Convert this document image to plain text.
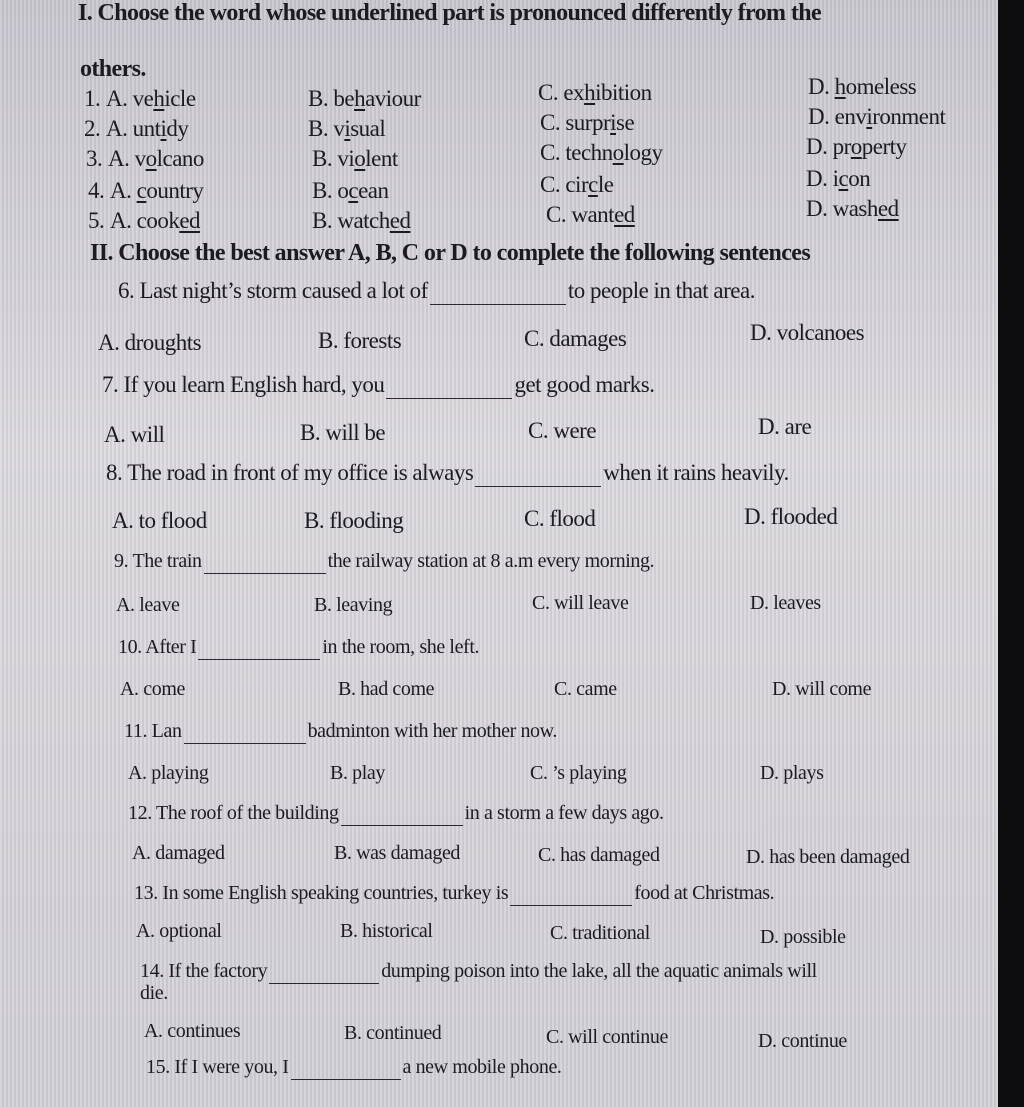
I. Choose the word whose underlined part is pronounced differently from the
others.
1. A. vehicle	B. behaviour	C. exhibition	D. homeless
2. A. untidy	B. visual	C. surprise	D. environment
3. A. volcano	B. violent	C. technology	D. property
4. A. country	B. ocean	C. circle	D. icon
5. A. cooked	B. watched	C. wanted	D. washed
II. Choose the best answer A, B, C or D to complete the following sentences
6. Last night’s storm caused a lot of	to people in that area.
A. droughts	B. forests	C. damages	D. volcanoes
7. If you learn English hard, you	get good marks.
A. will	B. will be	C. were	D. are
8. The road in front of my office is always	when it rains heavily.
A. to flood	B. flooding	C. flood	D. flooded
9. The train	the railway station at 8 a.m every morning.
A. leave	B. leaving	C. will leave	D. leaves
10. After I	in the room, she left.
A. come	B. had come	C. came	D. will come
11. Lan	badminton with her mother now.
A. playing	B. play	C. ’s playing	D. plays
12. The roof of the building	in a storm a few days ago.
A. damaged	B. was damaged	C. has damaged	D. has been damaged
13. In some English speaking countries, turkey is	food at Christmas.
A. optional	B. historical	C. traditional	D. possible
14. If the factory	dumping poison into the lake, all the aquatic animals will
die.
A. continues	B. continued	C. will continue	D. continue
15. If I were you, I	a new mobile phone.
